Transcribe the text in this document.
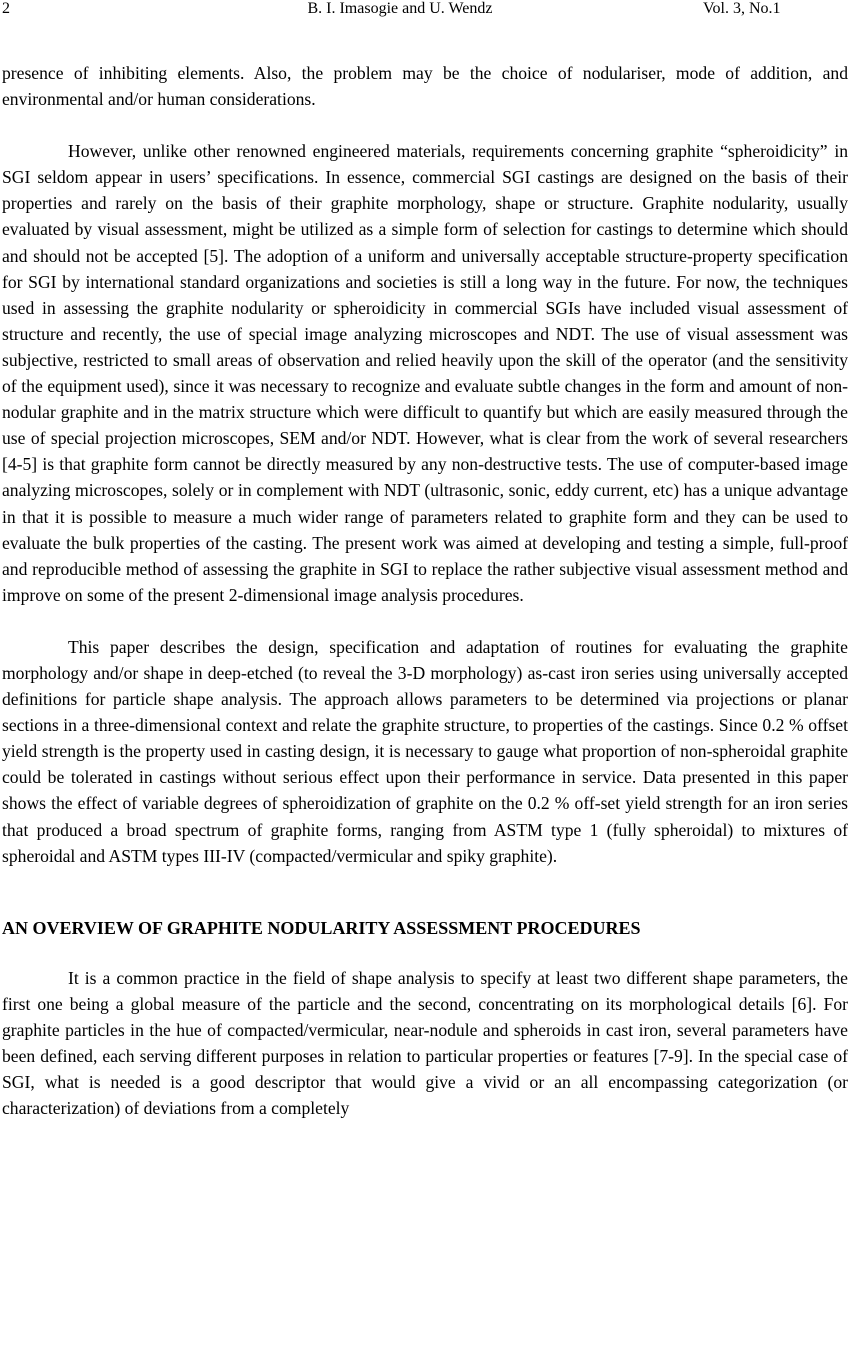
2	B. I. Imasogie and U. Wendz	Vol. 3, No.1

presence of inhibiting elements. Also, the problem may be the choice of nodulariser, mode of addition, and environmental and/or human considerations.

However, unlike other renowned engineered materials, requirements concerning graphite “spheroidicity” in SGI seldom appear in users’ specifications. In essence, commercial SGI castings are designed on the basis of their properties and rarely on the basis of their graphite morphology, shape or structure. Graphite nodularity, usually evaluated by visual assessment, might be utilized as a simple form of selection for castings to determine which should and should not be accepted [5]. The adoption of a uniform and universally acceptable structure-property specification for SGI by international standard organizations and societies is still a long way in the future. For now, the techniques used in assessing the graphite nodularity or spheroidicity in commercial SGIs have included visual assessment of structure and recently, the use of special image analyzing microscopes and NDT. The use of visual assessment was subjective, restricted to small areas of observation and relied heavily upon the skill of the operator (and the sensitivity of the equipment used), since it was necessary to recognize and evaluate subtle changes in the form and amount of non-nodular graphite and in the matrix structure which were difficult to quantify but which are easily measured through the use of special projection microscopes, SEM and/or NDT. However, what is clear from the work of several researchers [4-5] is that graphite form cannot be directly measured by any non-destructive tests. The use of computer-based image analyzing microscopes, solely or in complement with NDT (ultrasonic, sonic, eddy current, etc) has a unique advantage in that it is possible to measure a much wider range of parameters related to graphite form and they can be used to evaluate the bulk properties of the casting. The present work was aimed at developing and testing a simple, full-proof and reproducible method of assessing the graphite in SGI to replace the rather subjective visual assessment method and improve on some of the present 2-dimensional image analysis procedures.

This paper describes the design, specification and adaptation of routines for evaluating the graphite morphology and/or shape in deep-etched (to reveal the 3-D morphology) as-cast iron series using universally accepted definitions for particle shape analysis. The approach allows parameters to be determined via projections or planar sections in a three-dimensional context and relate the graphite structure, to properties of the castings. Since 0.2 % offset yield strength is the property used in casting design, it is necessary to gauge what proportion of non-spheroidal graphite could be tolerated in castings without serious effect upon their performance in service. Data presented in this paper shows the effect of variable degrees of spheroidization of graphite on the 0.2 % off-set yield strength for an iron series that produced a broad spectrum of graphite forms, ranging from ASTM type 1 (fully spheroidal) to mixtures of spheroidal and ASTM types III-IV (compacted/vermicular and spiky graphite).

AN OVERVIEW OF GRAPHITE NODULARITY ASSESSMENT PROCEDURES

It is a common practice in the field of shape analysis to specify at least two different shape parameters, the first one being a global measure of the particle and the second, concentrating on its morphological details [6]. For graphite particles in the hue of compacted/vermicular, near-nodule and spheroids in cast iron, several parameters have been defined, each serving different purposes in relation to particular properties or features [7-9]. In the special case of SGI, what is needed is a good descriptor that would give a vivid or an all encompassing categorization (or characterization) of deviations from a completely
